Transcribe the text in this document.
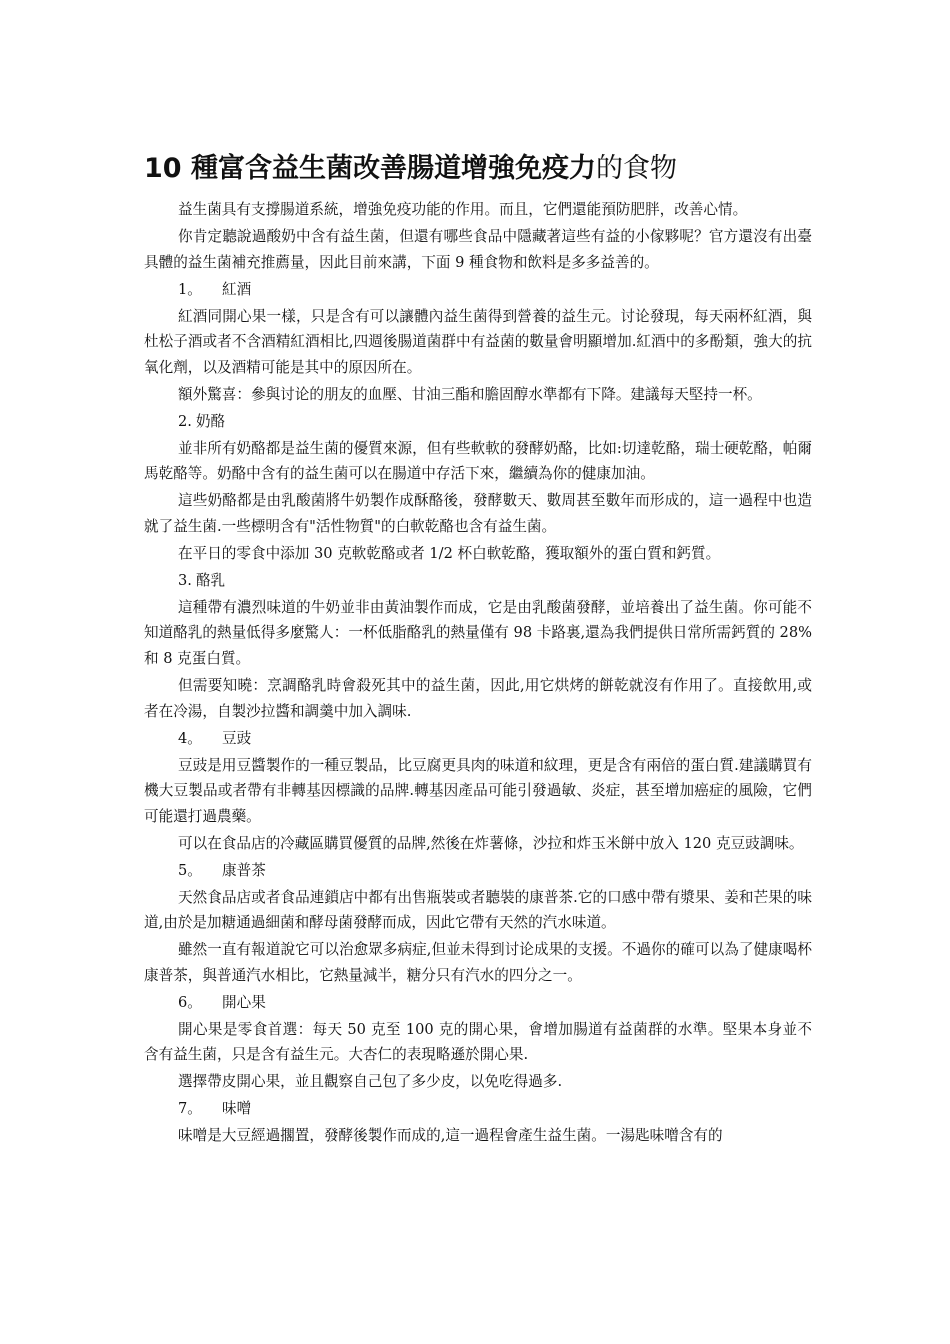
10 種富含益生菌改善腸道增強免疫力的食物

益生菌具有支撐腸道系統，增強免疫功能的作用。而且，它們還能預防肥胖，改善心情。

你肯定聽說過酸奶中含有益生菌，但還有哪些食品中隱藏著這些有益的小傢夥呢？官方還沒有出臺具體的益生菌補充推薦量，因此目前來講，下面 9 種食物和飲料是多多益善的。

1。 紅酒

紅酒同開心果一樣，只是含有可以讓體內益生菌得到營養的益生元。讨论發現，每天兩杯紅酒，與杜松子酒或者不含酒精紅酒相比,四週後腸道菌群中有益菌的數量會明顯增加.紅酒中的多酚類，強大的抗氧化劑，以及酒精可能是其中的原因所在。

額外驚喜：參與讨论的朋友的血壓、甘油三酯和膽固醇水準都有下降。建議每天堅持一杯。

2. 奶酪

並非所有奶酪都是益生菌的優質來源，但有些軟軟的發酵奶酪，比如:切達乾酪，瑞士硬乾酪，帕爾馬乾酪等。奶酪中含有的益生菌可以在腸道中存活下來，繼續為你的健康加油。

這些奶酪都是由乳酸菌將牛奶製作成酥酪後，發酵數天、數周甚至數年而形成的，這一過程中也造就了益生菌.一些標明含有"活性物質"的白軟乾酪也含有益生菌。

在平日的零食中添加 30 克軟乾酪或者 1/2 杯白軟乾酪，獲取額外的蛋白質和鈣質。

3. 酪乳

這種帶有濃烈味道的牛奶並非由黃油製作而成，它是由乳酸菌發酵，並培養出了益生菌。你可能不知道酪乳的熱量低得多麼驚人：一杯低脂酪乳的熱量僅有 98 卡路裏,還為我們提供日常所需鈣質的 28%和 8 克蛋白質。

但需要知曉：烹調酪乳時會殺死其中的益生菌，因此,用它烘烤的餅乾就沒有作用了。直接飲用,或者在冷湯，自製沙拉醬和調羹中加入調味.

4。 豆豉

豆豉是用豆醬製作的一種豆製品，比豆腐更具肉的味道和紋理，更是含有兩倍的蛋白質.建議購買有機大豆製品或者帶有非轉基因標識的品牌.轉基因產品可能引發過敏、炎症，甚至增加癌症的風險，它們可能還打過農藥。

可以在食品店的冷藏區購買優質的品牌,然後在炸薯條，沙拉和炸玉米餅中放入 120 克豆豉調味。

5。 康普茶

天然食品店或者食品連鎖店中都有出售瓶裝或者聽裝的康普茶.它的口感中帶有漿果、姜和芒果的味道,由於是加糖通過細菌和酵母菌發酵而成，因此它帶有天然的汽水味道。

雖然一直有報道說它可以治愈眾多病症,但並未得到讨论成果的支援。不過你的確可以為了健康喝杯康普茶，與普通汽水相比，它熱量減半，糖分只有汽水的四分之一。

6。 開心果

開心果是零食首選：每天 50 克至 100 克的開心果，會增加腸道有益菌群的水準。堅果本身並不含有益生菌，只是含有益生元。大杏仁的表現略遜於開心果.

選擇帶皮開心果，並且觀察自己包了多少皮，以免吃得過多.

7。 味噌

味噌是大豆經過擱置，發酵後製作而成的,這一過程會產生益生菌。一湯匙味噌含有的
